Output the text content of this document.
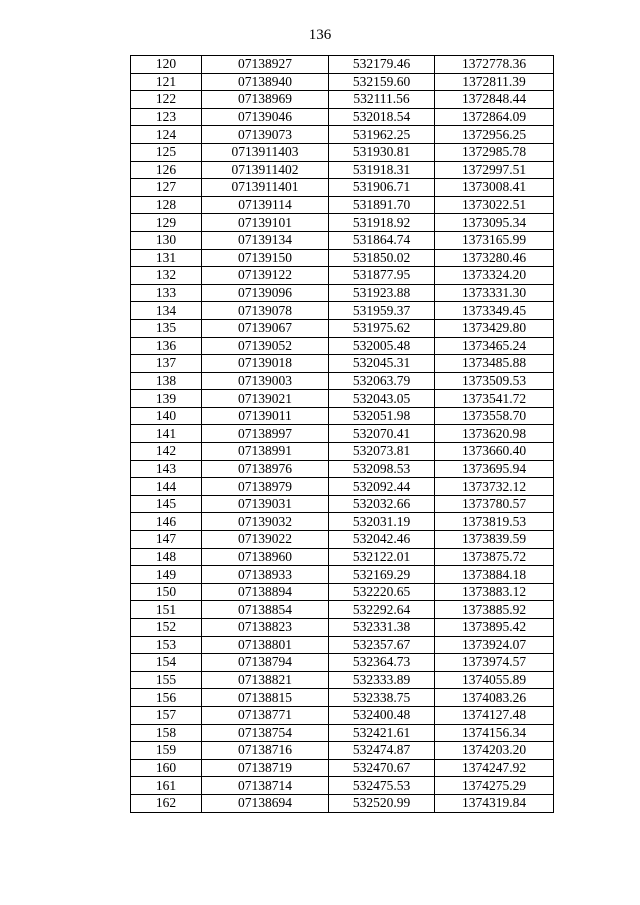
136
120	07138927	532179.46	1372778.36
121	07138940	532159.60	1372811.39
122	07138969	532111.56	1372848.44
123	07139046	532018.54	1372864.09
124	07139073	531962.25	1372956.25
125	0713911403	531930.81	1372985.78
126	0713911402	531918.31	1372997.51
127	0713911401	531906.71	1373008.41
128	07139114	531891.70	1373022.51
129	07139101	531918.92	1373095.34
130	07139134	531864.74	1373165.99
131	07139150	531850.02	1373280.46
132	07139122	531877.95	1373324.20
133	07139096	531923.88	1373331.30
134	07139078	531959.37	1373349.45
135	07139067	531975.62	1373429.80
136	07139052	532005.48	1373465.24
137	07139018	532045.31	1373485.88
138	07139003	532063.79	1373509.53
139	07139021	532043.05	1373541.72
140	07139011	532051.98	1373558.70
141	07138997	532070.41	1373620.98
142	07138991	532073.81	1373660.40
143	07138976	532098.53	1373695.94
144	07138979	532092.44	1373732.12
145	07139031	532032.66	1373780.57
146	07139032	532031.19	1373819.53
147	07139022	532042.46	1373839.59
148	07138960	532122.01	1373875.72
149	07138933	532169.29	1373884.18
150	07138894	532220.65	1373883.12
151	07138854	532292.64	1373885.92
152	07138823	532331.38	1373895.42
153	07138801	532357.67	1373924.07
154	07138794	532364.73	1373974.57
155	07138821	532333.89	1374055.89
156	07138815	532338.75	1374083.26
157	07138771	532400.48	1374127.48
158	07138754	532421.61	1374156.34
159	07138716	532474.87	1374203.20
160	07138719	532470.67	1374247.92
161	07138714	532475.53	1374275.29
162	07138694	532520.99	1374319.84
